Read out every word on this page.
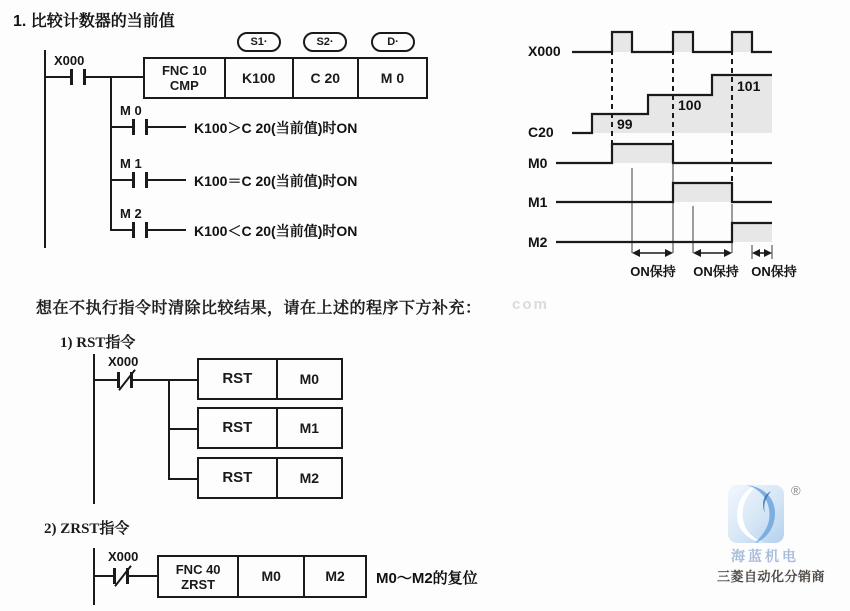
1. 比较计数器的当前值
X000
S1·	S2·	D·
FNC 10
CMP	K100	C 20	M 0
M 0
K100＞C 20(当前值)时ON
M 1
K100＝C 20(当前值)时ON
M 2
K100＜C 20(当前值)时ON
X000
C20
M0
M1
M2
99
100
101
ON保持 ON保持 ON保持
想在不执行指令时清除比较结果，请在上述的程序下方补充： com
1) RST指令
X000
RST	M0
RST	M1
RST	M2
2) ZRST指令
X000
FNC 40
ZRST	M0	M2	M0～M2的复位
®
海蓝机电
三菱自动化分销商
